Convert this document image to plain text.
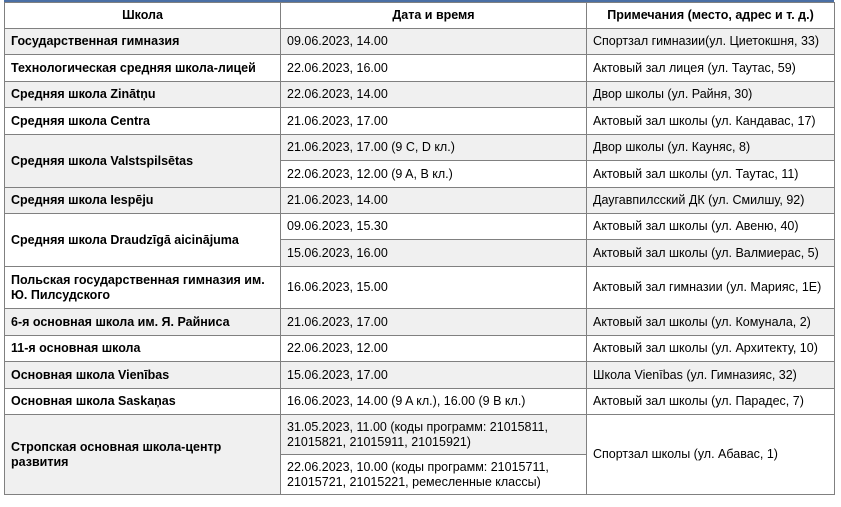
Школа	Дата и время	Примечания (место, адрес и т. д.)
Государственная гимназия	09.06.2023, 14.00	Спортзал гимназии(ул. Циетокшня, 33)
Технологическая средняя школа-лицей	22.06.2023, 16.00	Актовый зал лицея (ул. Таутас, 59)
Средняя школа Zinātņu	22.06.2023, 14.00	Двор школы (ул. Райня, 30)
Средняя школа Centra	21.06.2023, 17.00	Актовый зал школы (ул. Кандавас, 17)
Средняя школа Valstspilsētas	21.06.2023, 17.00 (9 C, D кл.)	Двор школы (ул. Кауняс, 8)
	22.06.2023, 12.00 (9 A, B кл.)	Актовый зал школы (ул. Таутас, 11)
Средняя школа Iespēju	21.06.2023, 14.00	Даугавпилсский ДК (ул. Смилшу, 92)
Средняя школа Draudzīgā aicinājuma	09.06.2023, 15.30	Актовый зал школы (ул. Авеню, 40)
	15.06.2023, 16.00	Актовый зал школы (ул. Валмиерас, 5)
Польская государственная гимназия им. Ю. Пилсудского	16.06.2023, 15.00	Актовый зал гимназии (ул. Марияс, 1E)
6-я основная школа им. Я. Райниса	21.06.2023, 17.00	Актовый зал школы (ул. Комунала, 2)
11-я основная школа	22.06.2023, 12.00	Актовый зал школы (ул. Архитекту, 10)
Основная школа Vienības	15.06.2023, 17.00	Школа Vienības (ул. Гимназияс, 32)
Основная школа Saskaņas	16.06.2023, 14.00 (9 A кл.), 16.00 (9 B кл.)	Актовый зал школы (ул. Парадес, 7)
Стропская основная школа-центр развития	31.05.2023, 11.00 (коды программ: 21015811, 21015821, 21015911, 21015921)	Спортзал школы (ул. Абавас, 1)
	22.06.2023, 10.00 (коды программ: 21015711, 21015721, 21015221, ремесленные классы)	
